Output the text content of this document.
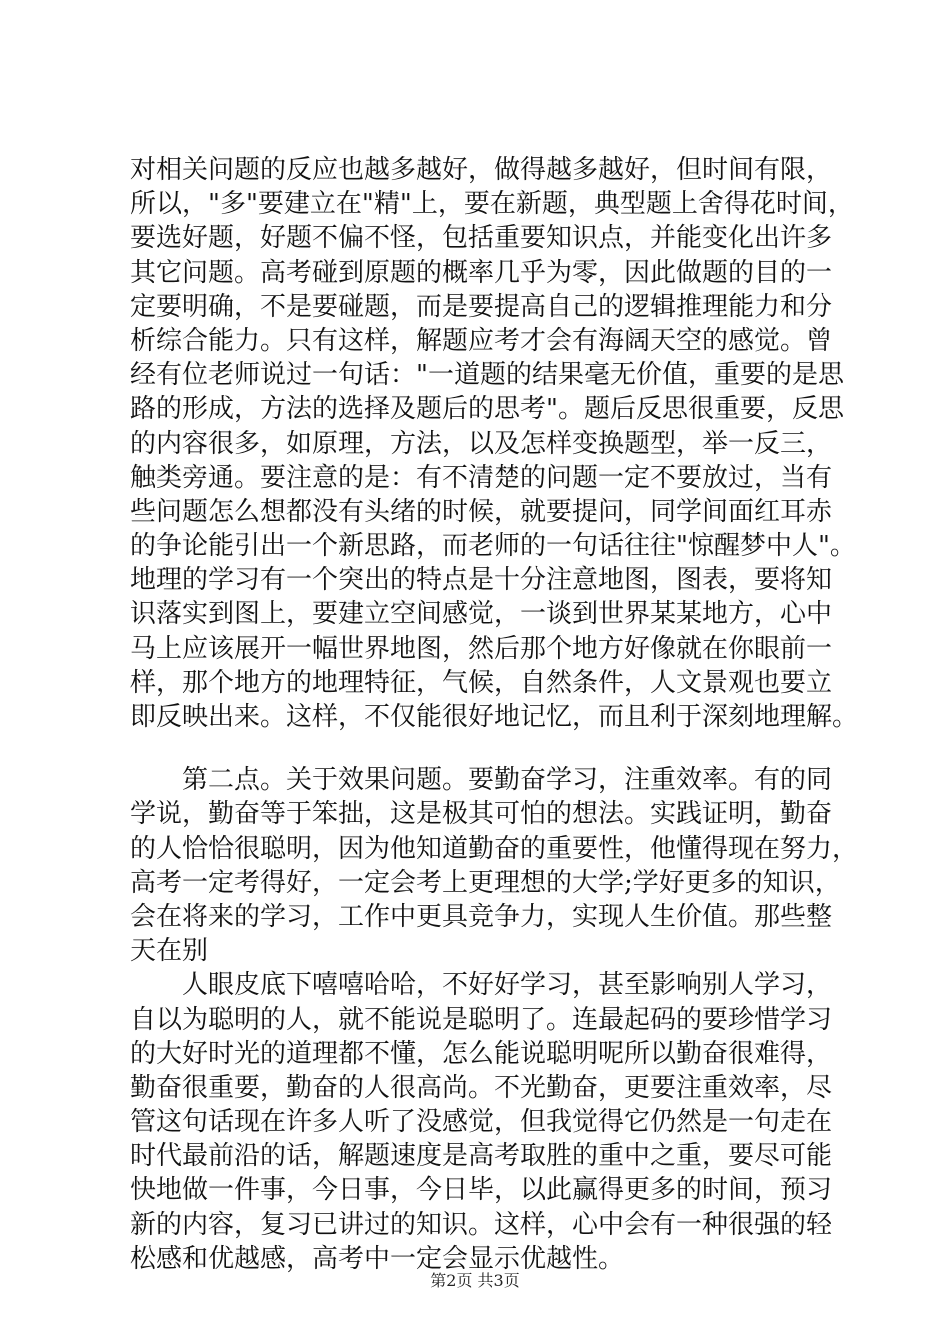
对相关问题的反应也越多越好，做得越多越好，但时间有限，
所以，"多"要建立在"精"上，要在新题，典型题上舍得花时间，
要选好题，好题不偏不怪，包括重要知识点，并能变化出许多
其它问题。高考碰到原题的概率几乎为零，因此做题的目的一
定要明确，不是要碰题，而是要提高自己的逻辑推理能力和分
析综合能力。只有这样，解题应考才会有海阔天空的感觉。曾
经有位老师说过一句话："一道题的结果毫无价值，重要的是思
路的形成，方法的选择及题后的思考"。题后反思很重要，反思
的内容很多，如原理，方法，以及怎样变换题型，举一反三，
触类旁通。要注意的是：有不清楚的问题一定不要放过，当有
些问题怎么想都没有头绪的时候，就要提问，同学间面红耳赤
的争论能引出一个新思路，而老师的一句话往往"惊醒梦中人"。
地理的学习有一个突出的特点是十分注意地图，图表，要将知
识落实到图上，要建立空间感觉，一谈到世界某某地方，心中
马上应该展开一幅世界地图，然后那个地方好像就在你眼前一
样，那个地方的地理特征，气候，自然条件，人文景观也要立
即反映出来。这样，不仅能很好地记忆，而且利于深刻地理解。
第二点。关于效果问题。要勤奋学习，注重效率。有的同
学说，勤奋等于笨拙，这是极其可怕的想法。实践证明，勤奋
的人恰恰很聪明，因为他知道勤奋的重要性，他懂得现在努力，
高考一定考得好，一定会考上更理想的大学;学好更多的知识，
会在将来的学习，工作中更具竞争力，实现人生价值。那些整
天在别
人眼皮底下嘻嘻哈哈，不好好学习，甚至影响别人学习，
自以为聪明的人，就不能说是聪明了。连最起码的要珍惜学习
的大好时光的道理都不懂，怎么能说聪明呢所以勤奋很难得，
勤奋很重要，勤奋的人很高尚。不光勤奋，更要注重效率，尽
管这句话现在许多人听了没感觉，但我觉得它仍然是一句走在
时代最前沿的话，解题速度是高考取胜的重中之重，要尽可能
快地做一件事，今日事，今日毕，以此赢得更多的时间，预习
新的内容，复习已讲过的知识。这样，心中会有一种很强的轻
松感和优越感，高考中一定会显示优越性。
第2页 共3页
